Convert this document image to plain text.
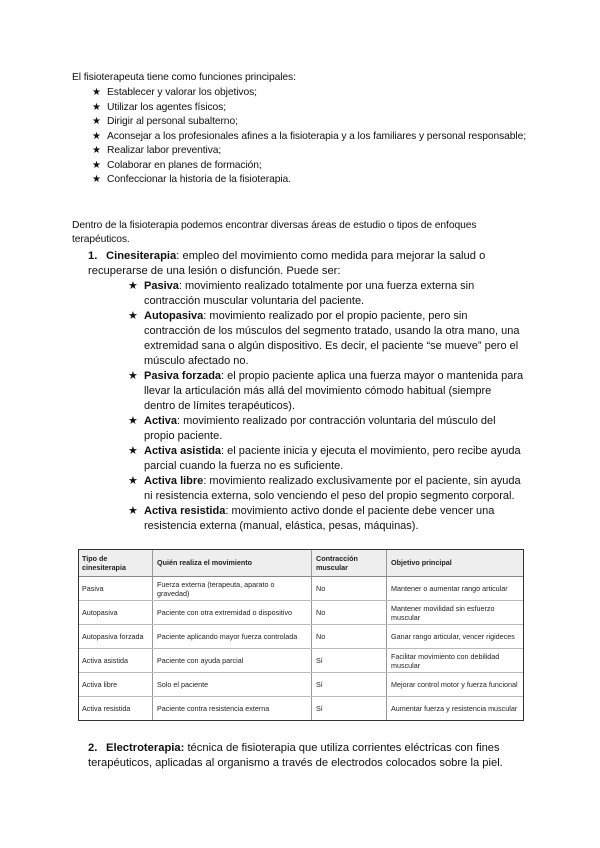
El fisioterapeuta tiene como funciones principales:
★ Establecer y valorar los objetivos;
★ Utilizar los agentes físicos;
★ Dirigir al personal subalterno;
★ Aconsejar a los profesionales afines a la fisioterapia y a los familiares y personal responsable;
★ Realizar labor preventiva;
★ Colaborar en planes de formación;
★ Confeccionar la historia de la fisioterapia.
Dentro de la fisioterapia podemos encontrar diversas áreas de estudio o tipos de enfoques terapéuticos.
1. Cinesiterapia: empleo del movimiento como medida para mejorar la salud o recuperarse de una lesión o disfunción. Puede ser:
★ Pasiva: movimiento realizado totalmente por una fuerza externa sin contracción muscular voluntaria del paciente.
★ Autopasiva: movimiento realizado por el propio paciente, pero sin contracción de los músculos del segmento tratado, usando la otra mano, una extremidad sana o algún dispositivo. Es decir, el paciente “se mueve” pero el músculo afectado no.
★ Pasiva forzada: el propio paciente aplica una fuerza mayor o mantenida para llevar la articulación más allá del movimiento cómodo habitual (siempre dentro de límites terapéuticos).
★ Activa: movimiento realizado por contracción voluntaria del músculo del propio paciente.
★ Activa asistida: el paciente inicia y ejecuta el movimiento, pero recibe ayuda parcial cuando la fuerza no es suficiente.
★ Activa libre: movimiento realizado exclusivamente por el paciente, sin ayuda ni resistencia externa, solo venciendo el peso del propio segmento corporal.
★ Activa resistida: movimiento activo donde el paciente debe vencer una resistencia externa (manual, elástica, pesas, máquinas).
Tipo de cinesiterapia	Quién realiza el movimiento	Contracción muscular	Objetivo principal
Pasiva	Fuerza externa (terapeuta, aparato o gravedad)	No	Mantener o aumentar rango articular
Autopasiva	Paciente con otra extremidad o dispositivo	No	Mantener movilidad sin esfuerzo muscular
Autopasiva forzada	Paciente aplicando mayor fuerza controlada	No	Ganar rango articular, vencer rigideces
Activa asistida	Paciente con ayuda parcial	Sí	Facilitar movimiento con debilidad muscular
Activa libre	Solo el paciente	Sí	Mejorar control motor y fuerza funcional
Activa resistida	Paciente contra resistencia externa	Sí	Aumentar fuerza y resistencia muscular
2. Electroterapia: técnica de fisioterapia que utiliza corrientes eléctricas con fines terapéuticos, aplicadas al organismo a través de electrodos colocados sobre la piel.
